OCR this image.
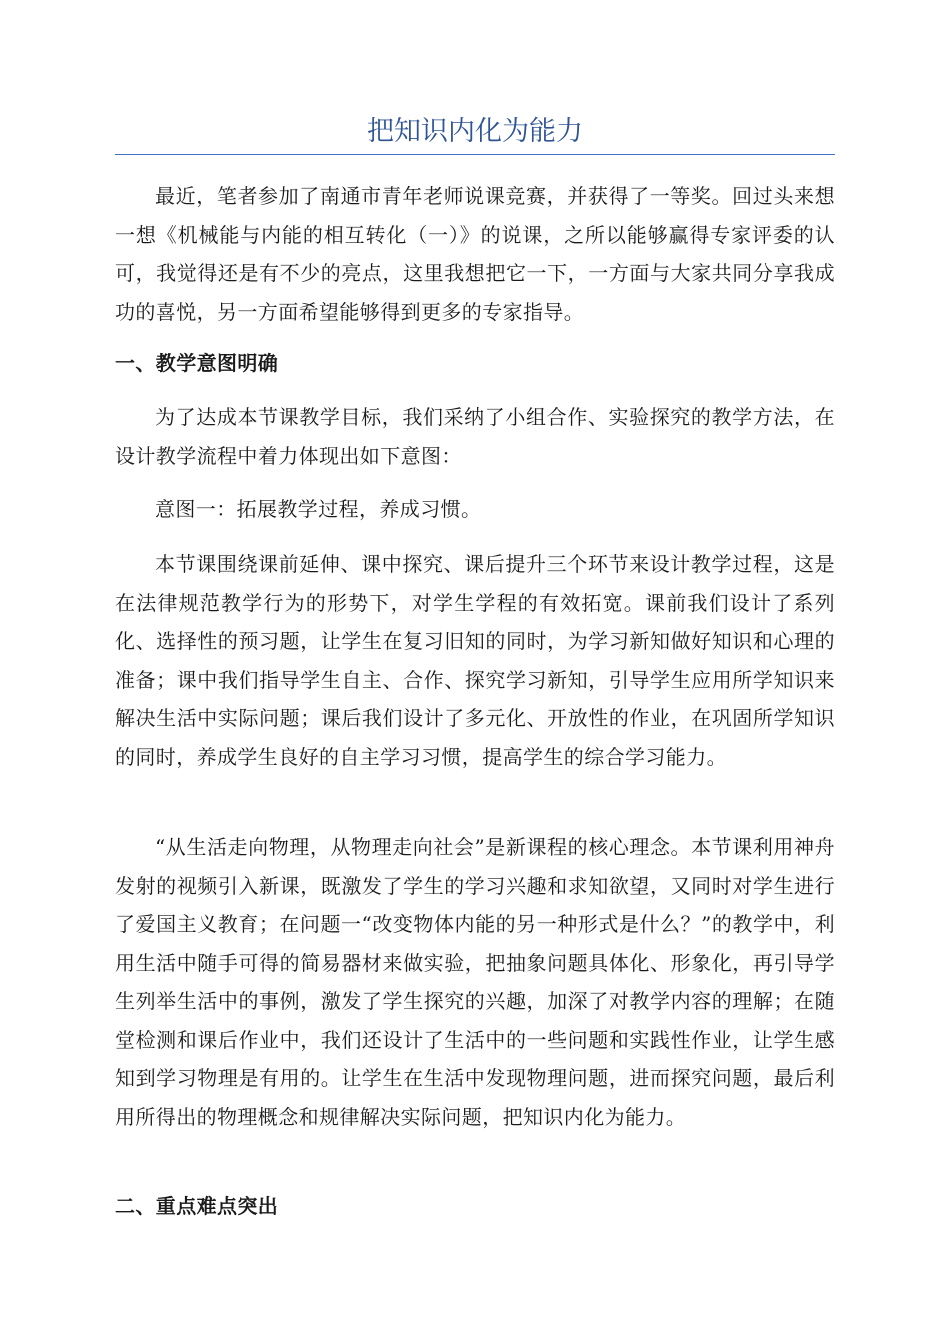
把知识内化为能力

最近，笔者参加了南通市青年老师说课竞赛，并获得了一等奖。回过头来想一想《机械能与内能的相互转化（一）》的说课，之所以能够赢得专家评委的认可，我觉得还是有不少的亮点，这里我想把它一下，一方面与大家共同分享我成功的喜悦，另一方面希望能够得到更多的专家指导。

一、教学意图明确

为了达成本节课教学目标，我们采纳了小组合作、实验探究的教学方法，在设计教学流程中着力体现出如下意图：

意图一：拓展教学过程，养成习惯。

本节课围绕课前延伸、课中探究、课后提升三个环节来设计教学过程，这是在法律规范教学行为的形势下，对学生学程的有效拓宽。课前我们设计了系列化、选择性的预习题，让学生在复习旧知的同时，为学习新知做好知识和心理的准备；课中我们指导学生自主、合作、探究学习新知，引导学生应用所学知识来解决生活中实际问题；课后我们设计了多元化、开放性的作业，在巩固所学知识的同时，养成学生良好的自主学习习惯，提高学生的综合学习能力。

“从生活走向物理，从物理走向社会”是新课程的核心理念。本节课利用神舟发射的视频引入新课，既激发了学生的学习兴趣和求知欲望，又同时对学生进行了爱国主义教育；在问题一“改变物体内能的另一种形式是什么？”的教学中，利用生活中随手可得的简易器材来做实验，把抽象问题具体化、形象化，再引导学生列举生活中的事例，激发了学生探究的兴趣，加深了对教学内容的理解；在随堂检测和课后作业中，我们还设计了生活中的一些问题和实践性作业，让学生感知到学习物理是有用的。让学生在生活中发现物理问题，进而探究问题，最后利用所得出的物理概念和规律解决实际问题，把知识内化为能力。

二、重点难点突出
